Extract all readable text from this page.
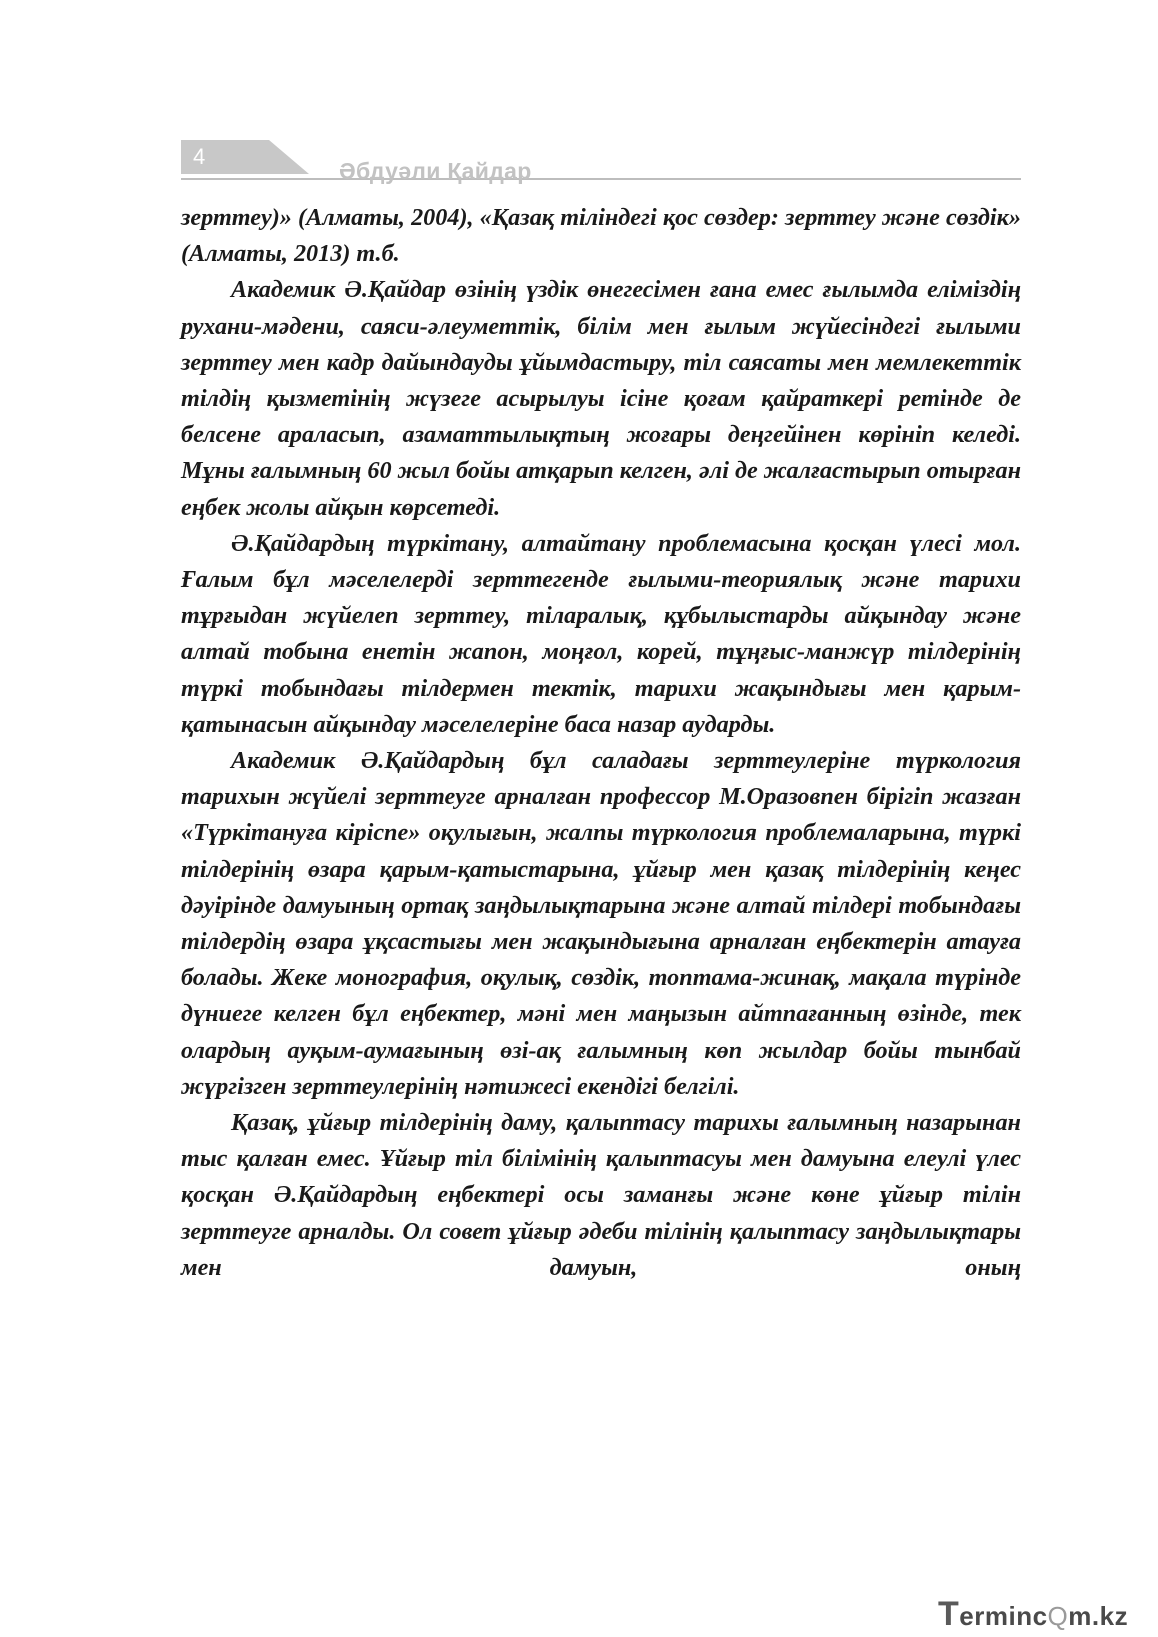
4
Әбдуәли Қайдар

зерттеу)» (Алматы, 2004), «Қазақ тіліндегі қос сөздер: зерттеу және сөздік» (Алматы, 2013) т.б.

Академик Ә.Қайдар өзінің үздік өнегесімен ғана емес ғылымда еліміздің рухани-мәдени, саяси-әлеуметтік, білім мен ғылым жүйесіндегі ғылыми зерттеу мен кадр дайындауды ұйымдастыру, тіл саясаты мен мемлекеттік тілдің қызметінің жүзеге асырылуы ісіне қоғам қайраткері ретінде де белсене араласып, азаматтылықтың жоғары деңгейінен көрініп келеді. Мұны ғалымның 60 жыл бойы атқарып келген, әлі де жалғастырып отырған еңбек жолы айқын көрсетеді.

Ә.Қайдардың түркітану, алтайтану проблемасына қосқан үлесі мол. Ғалым бұл мәселелерді зерттегенде ғылыми-теориялық және тарихи тұрғыдан жүйелеп зерттеу, тіларалық, құбылыстарды айқындау және алтай тобына енетін жапон, моңғол, корей, тұңғыс-манжүр тілдерінің түркі тобындағы тілдермен тектік, тарихи жақындығы мен қарым-қатынасын айқындау мәселелеріне баса назар аударды.

Академик Ә.Қайдардың бұл саладағы зерттеулеріне түркология тарихын жүйелі зерттеуге арналған профессор М.Оразовпен бірігіп жазған «Түркітануға кіріспе» оқулығын, жалпы түркология проблемаларына, түркі тілдерінің өзара қарым-қатыстарына, ұйғыр мен қазақ тілдерінің кеңес дәуірінде дамуының ортақ заңдылықтарына және алтай тілдері тобындағы тілдердің өзара ұқсастығы мен жақындығына арналған еңбектерін атауға болады. Жеке монография, оқулық, сөздік, топтама-жинақ, мақала түрінде дүниеге келген бұл еңбектер, мәні мен маңызын айтпағанның өзінде, тек олардың ауқым-аумағының өзі-ақ ғалымның көп жылдар бойы тынбай жүргізген зерттеулерінің нәтижесі екендігі белгілі.

Қазақ, ұйғыр тілдерінің даму, қалыптасу тарихы ғалымның назарынан тыс қалған емес. Ұйғыр тіл білімінің қалыптасуы мен дамуына елеулі үлес қосқан Ә.Қайдардың еңбектері осы заманғы және көне ұйғыр тілін зерттеуге арналды. Ол совет ұйғыр әдеби тілінің қалыптасу заңдылықтары мен дамуын, оның

TermincQm.kz
